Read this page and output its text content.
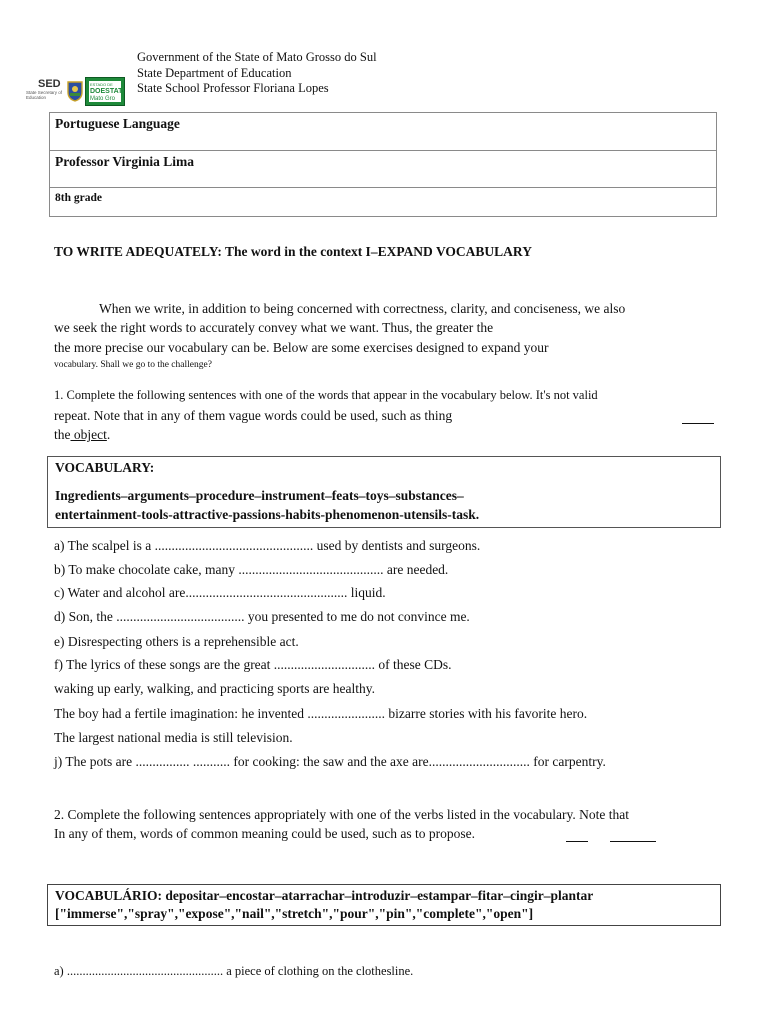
Government of the State of Mato Grosso do Sul
State Department of Education
State School Professor Floriana Lopes
SED
State Secretary of Education
ESTADO DE
DOESTAT
Mato Gro
Portuguese Language
Professor Virginia Lima
8th grade
TO WRITE ADEQUATELY: The word in the context I–EXPAND VOCABULARY
When we write, in addition to being concerned with correctness, clarity, and conciseness, we also
we seek the right words to accurately convey what we want. Thus, the greater the
the more precise our vocabulary can be. Below are some exercises designed to expand your
vocabulary. Shall we go to the challenge?
1. Complete the following sentences with one of the words that appear in the vocabulary below. It's not valid
repeat. Note that in any of them vague words could be used, such as thing
the object.
VOCABULARY:
Ingredients–arguments–procedure–instrument–feats–toys–substances–
entertainment-tools-attractive-passions-habits-phenomenon-utensils-task.
a) The scalpel is a ............................................... used by dentists and surgeons.
b) To make chocolate cake, many ........................................... are needed.
c) Water and alcohol are................................................ liquid.
d) Son, the ...................................... you presented to me do not convince me.
e) Disrespecting others is a reprehensible act.
f) The lyrics of these songs are the great .............................. of these CDs.
waking up early, walking, and practicing sports are healthy.
The boy had a fertile imagination: he invented ....................... bizarre stories with his favorite hero.
The largest national media is still television.
j) The pots are ................ ........... for cooking: the saw and the axe are.............................. for carpentry.
2. Complete the following sentences appropriately with one of the verbs listed in the vocabulary. Note that
In any of them, words of common meaning could be used, such as to propose.
VOCABULÁRIO: depositar–encostar–atarrachar–introduzir–estampar–fitar–cingir–plantar
["immerse","spray","expose","nail","stretch","pour","pin","complete","open"]
a) .................................................. a piece of clothing on the clothesline.
